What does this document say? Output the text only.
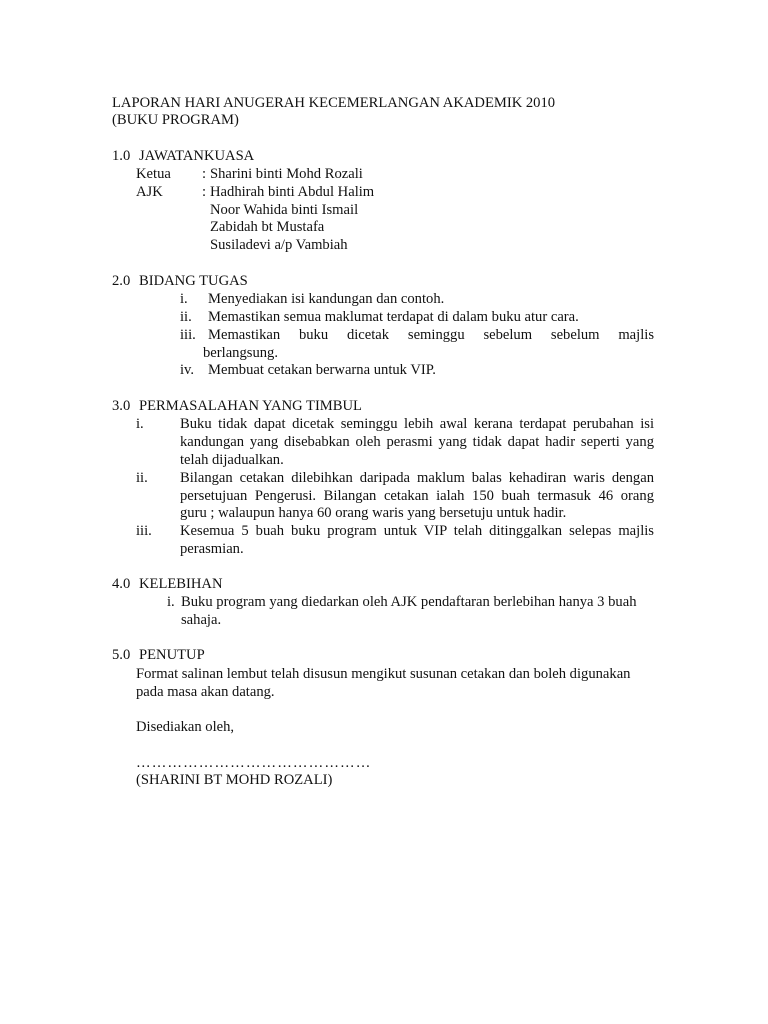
LAPORAN HARI ANUGERAH KECEMERLANGAN AKADEMIK 2010
(BUKU PROGRAM)
1.0 JAWATANKUASA
Ketua : Sharini binti Mohd Rozali
AJK	: Hadhirah binti Abdul Halim
Noor Wahida binti Ismail
Zabidah bt Mustafa
Susiladevi a/p Vambiah
2.0 BIDANG TUGAS
i. Menyediakan isi kandungan dan contoh.
ii. Memastikan semua maklumat terdapat di dalam buku atur cara.
iii. Memastikan buku dicetak seminggu sebelum sebelum majlis
berlangsung.
iv. Membuat cetakan berwarna untuk VIP.
3.0 PERMASALAHAN YANG TIMBUL
i. Buku tidak dapat dicetak seminggu lebih awal kerana terdapat perubahan isi
kandungan yang disebabkan oleh perasmi yang tidak dapat hadir seperti yang
telah dijadualkan.
ii. Bilangan cetakan dilebihkan daripada maklum balas kehadiran waris dengan
persetujuan Pengerusi. Bilangan cetakan ialah 150 buah termasuk 46 orang
guru ; walaupun hanya 60 orang waris yang bersetuju untuk hadir.
iii. Kesemua 5 buah buku program untuk VIP telah ditinggalkan selepas majlis
perasmian.
4.0 KELEBIHAN
i. Buku program yang diedarkan oleh AJK pendaftaran berlebihan hanya 3 buah
sahaja.
5.0 PENUTUP
Format salinan lembut telah disusun mengikut susunan cetakan dan boleh digunakan
pada masa akan datang.
Disediakan oleh,
………………………………………
(SHARINI BT MOHD ROZALI)
